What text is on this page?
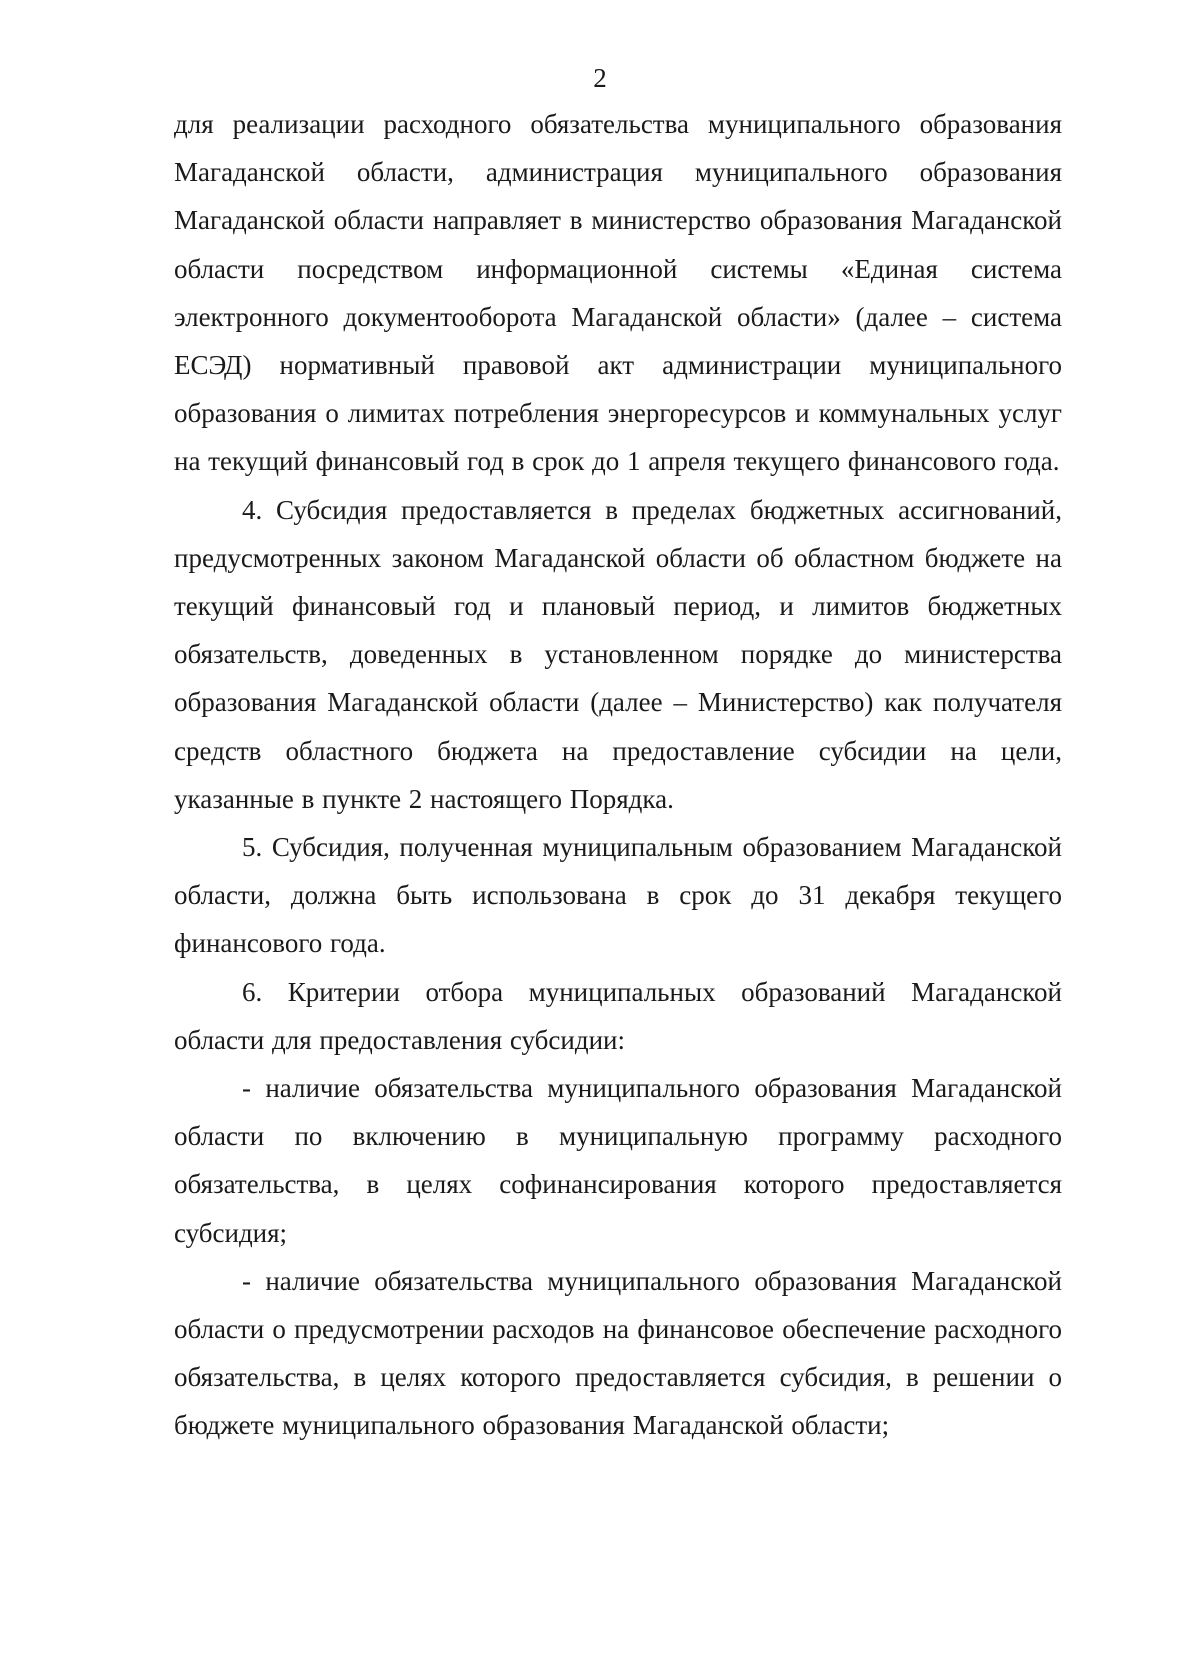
2

для реализации расходного обязательства муниципального образования Магаданской области, администрация муниципального образования Магаданской области направляет в министерство образования Магаданской области посредством информационной системы «Единая система электронного документооборота Магаданской области» (далее – система ЕСЭД) нормативный правовой акт администрации муниципального образования о лимитах потребления энергоресурсов и коммунальных услуг на текущий финансовый год в срок до 1 апреля текущего финансового года.

4. Субсидия предоставляется в пределах бюджетных ассигнований, предусмотренных законом Магаданской области об областном бюджете на текущий финансовый год и плановый период, и лимитов бюджетных обязательств, доведенных в установленном порядке до министерства образования Магаданской области (далее – Министерство) как получателя средств областного бюджета на предоставление субсидии на цели, указанные в пункте 2 настоящего Порядка.

5. Субсидия, полученная муниципальным образованием Магаданской области, должна быть использована в срок до 31 декабря текущего финансового года.

6. Критерии отбора муниципальных образований Магаданской области для предоставления субсидии:

- наличие обязательства муниципального образования Магаданской области по включению в муниципальную программу расходного обязательства, в целях софинансирования которого предоставляется субсидия;

- наличие обязательства муниципального образования Магаданской области о предусмотрении расходов на финансовое обеспечение расходного обязательства, в целях которого предоставляется субсидия, в решении о бюджете муниципального образования Магаданской области;
